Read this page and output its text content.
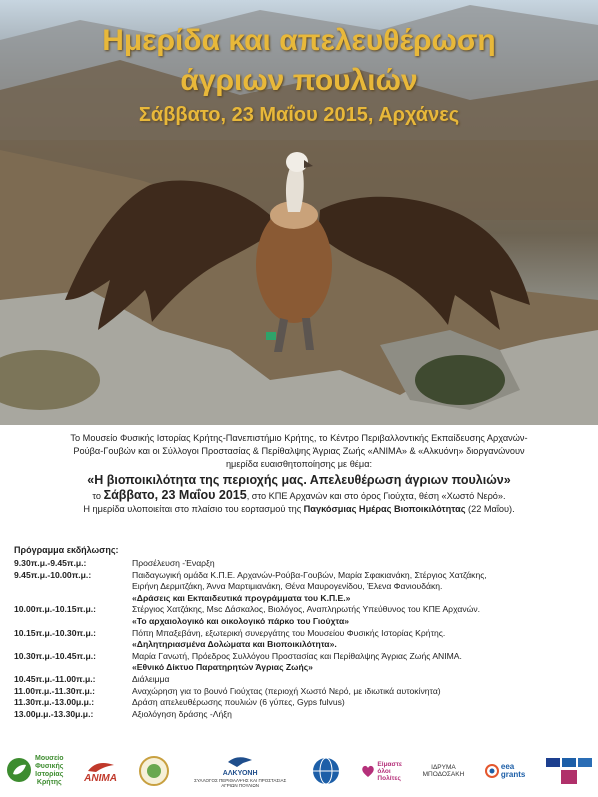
Ημερίδα και απελευθέρωση
άγριων πουλιών
Σάββατο, 23 Μαΐου 2015, Αρχάνες
Το Μουσείο Φυσικής Ιστορίας Κρήτης-Πανεπιστήμιο Κρήτης, το Κέντρο Περιβαλλοντικής Εκπαίδευσης Αρχανών-
Ρούβα-Γουβών και οι Σύλλογοι Προστασίας & Περίθαλψης Άγριας Ζωής «ΑΝΙΜΑ» & «Αλκυόνη» διοργανώνουν
ημερίδα ευαισθητοποίησης με θέμα:
«Η βιοποικιλότητα της περιοχής μας. Απελευθέρωση άγριων πουλιών»
το Σάββατο, 23 Μαΐου 2015, στο ΚΠΕ Αρχανών και στο όρος Γιούχτα, θέση «Χωστό Νερό».
Η ημερίδα υλοποιείται στο πλαίσιο του εορτασμού της Παγκόσμιας Ημέρας Βιοποικιλότητας (22 Μαΐου).
Πρόγραμμα εκδήλωσης:
9.30π.μ.-9.45π.μ.:	Προσέλευση -Έναρξη
9.45π.μ.-10.00π.μ.:	Παιδαγωγική ομάδα Κ.Π.Ε. Αρχανών-Ρούβα-Γουβών, Μαρία Σφακιανάκη, Στέργιος Χατζάκης,
Ειρήνη Δερμιτζάκη, Άννα Μαρτιμιανάκη, Θένα Μαυρογενίδου, Έλενα Φανιουδάκη.
«Δράσεις και Εκπαιδευτικά προγράμματα του Κ.Π.Ε.»
10.00π.μ.-10.15π.μ.:	Στέργιος Χατζάκης, Msc Δάσκαλος, Βιολόγος, Αναπληρωτής Υπεύθυνος του ΚΠΕ Αρχανών.
«Το αρχαιολογικό και οικολογικό πάρκο του Γιούχτα»
10.15π.μ.-10.30π.μ.:	Πόπη Μπαξεβάνη, εξωτερική συνεργάτης του Μουσείου Φυσικής Ιστορίας Κρήτης.
«Δηλητηριασμένα Δολώματα και Βιοποικιλότητα».
10.30π.μ.-10.45π.μ.:	Μαρία Γανωτή, Πρόεδρος Συλλόγου Προστασίας και Περίθαλψης Άγριας Ζωής ΑΝΙΜΑ.
«Εθνικό Δίκτυο Παρατηρητών Άγριας Ζωής»
10.45π.μ.-11.00π.μ.:	Διάλειμμα
11.00π.μ.-11.30π.μ.:	Αναχώρηση για το βουνό Γιούχτας (περιοχή Χωστό Νερό, με ιδιωτικά αυτοκίνητα)
11.30π.μ.-13.00μ.μ.:	Δράση απελευθέρωσης πουλιών (6 γύπες, Gyps fulvus)
13.00μ.μ.-13.30μ.μ.:	Αξιολόγηση δράσης -Λήξη
Μουσείο
Φυσικής
Ιστορίας
Κρήτης ANIMA	ΑΛΚΥΟΝΗ
ΣΥΛΛΟΓΟΣ ΠΕΡΙΘΑΛΨΗΣ ΚΑΙ ΠΡΟΣΤΑΣΙΑΣ ΑΓΡΙΩΝ ΠΟΥΛΙΩΝ
Είμαστε
όλοι
Πολίτες
ΙΔΡΥΜΑ
ΜΠΟΔΟΣΑΚΗ
eea
grants
